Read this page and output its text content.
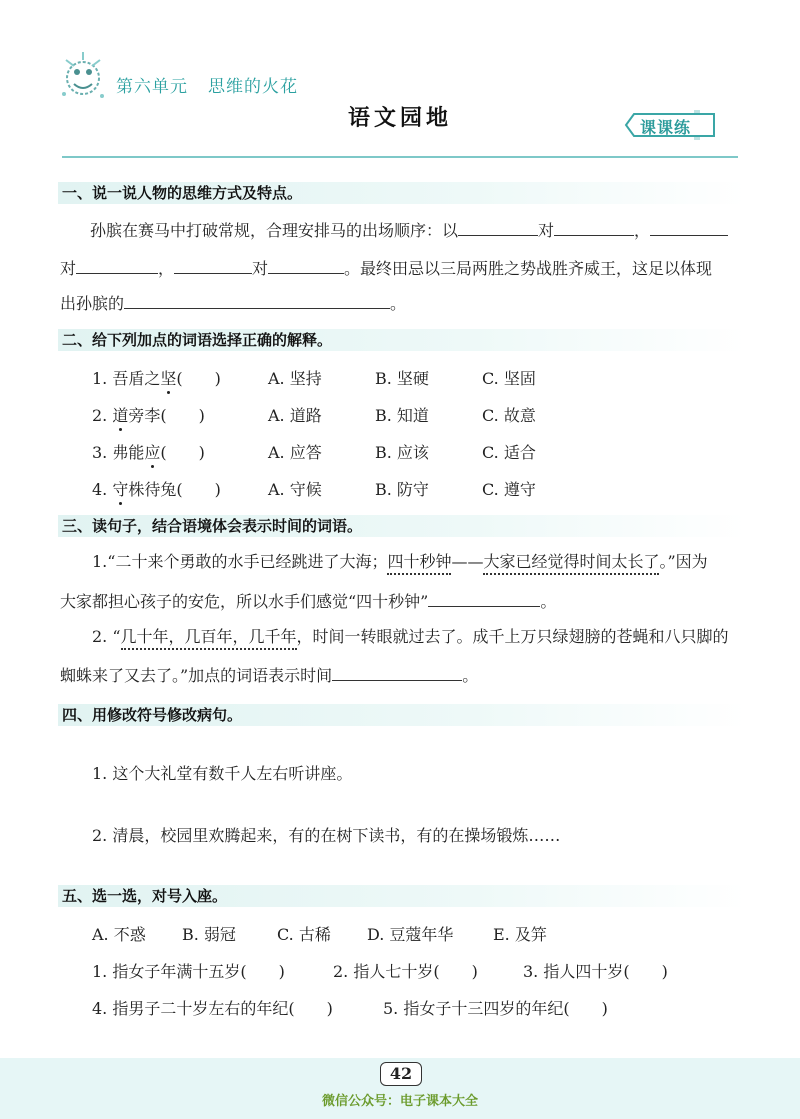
第六单元 思维的火花
语文园地	课课练
一、说一说人物的思维方式及特点。
孙膑在赛马中打破常规，合理安排马的出场顺序：以	对	，
对	，	对	。最终田忌以三局两胜之势战胜齐威王，这足以体现
出孙膑的	。
二、给下列加点的词语选择正确的解释。
1. 吾盾之坚(　　)	A. 坚持	B. 坚硬	C. 坚固
2. 道旁李(　　)	A. 道路	B. 知道	C. 故意
3. 弗能应(　　)	A. 应答	B. 应该	C. 适合
4. 守株待兔(　　)	A. 守候	B. 防守	C. 遵守
三、读句子，结合语境体会表示时间的词语。
1.“二十来个勇敢的水手已经跳进了大海；四十秒钟——大家已经觉得时间太长了。”因为
大家都担心孩子的安危，所以水手们感觉“四十秒钟”	。
2. “几十年，几百年，几千年，时间一转眼就过去了。成千上万只绿翅膀的苍蝇和八只脚的
蜘蛛来了又去了。”加点的词语表示时间	。
四、用修改符号修改病句。
1. 这个大礼堂有数千人左右听讲座。
2. 清晨，校园里欢腾起来，有的在树下读书，有的在操场锻炼……
五、选一选，对号入座。
A. 不惑 B. 弱冠	C. 古稀 D. 豆蔻年华 E. 及笄
1. 指女子年满十五岁(　　)	2. 指人七十岁(　　)	3. 指人四十岁(　　)
4. 指男子二十岁左右的年纪(　　)	5. 指女子十三四岁的年纪(　　)
42
微信公众号：电子课本大全
